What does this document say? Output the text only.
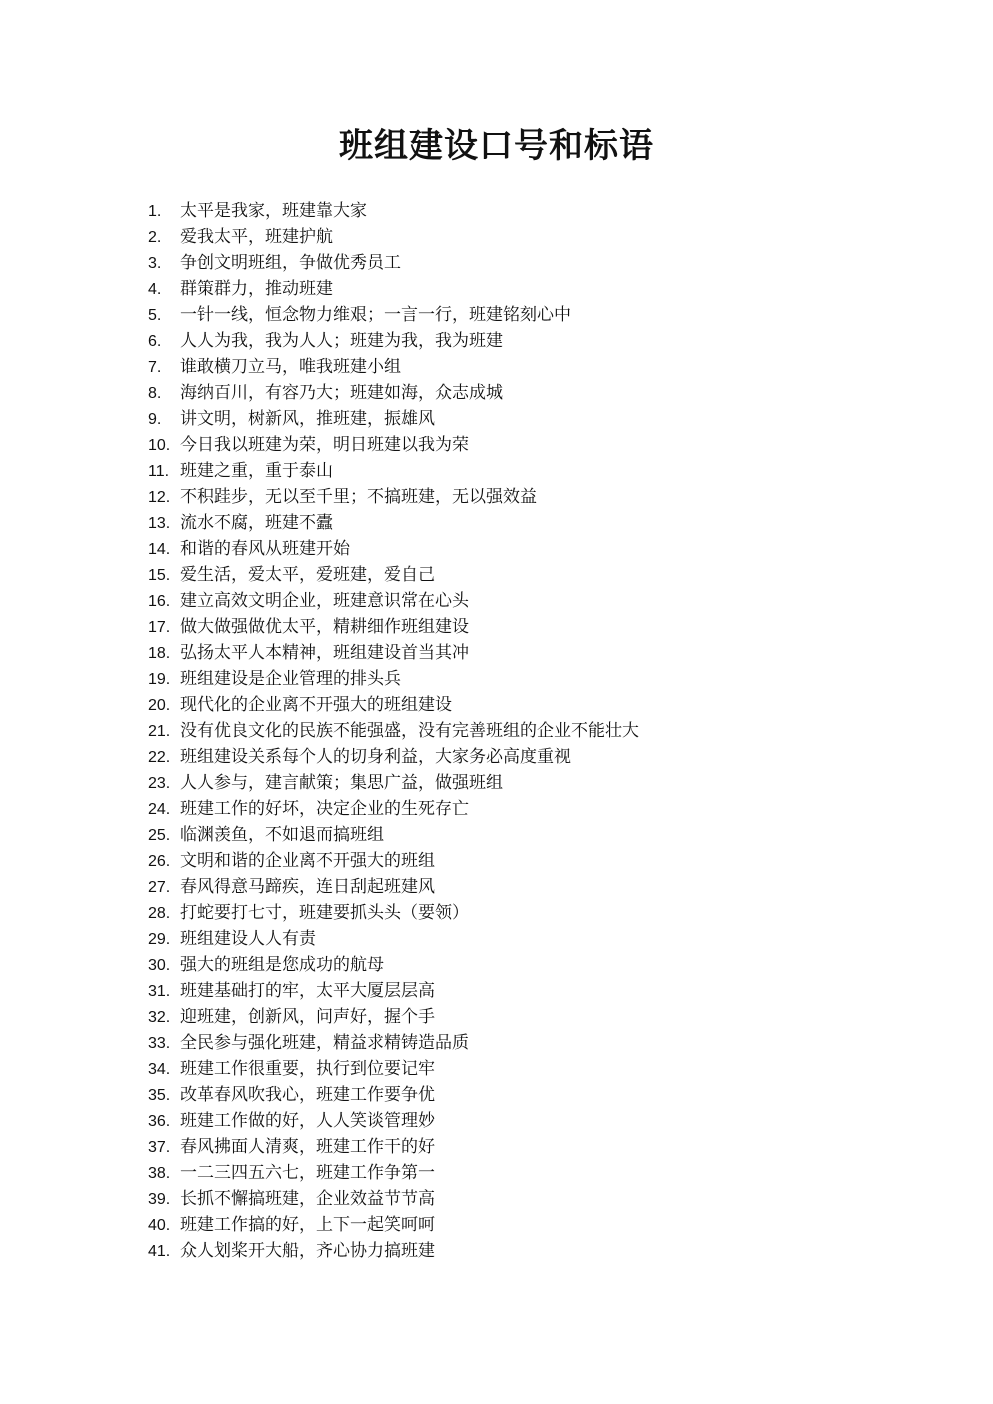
班组建设口号和标语
1.	太平是我家，班建靠大家
2.	爱我太平，班建护航
3.	争创文明班组，争做优秀员工
4.	群策群力，推动班建
5.	一针一线，恒念物力维艰；一言一行，班建铭刻心中
6.	人人为我，我为人人；班建为我，我为班建
7.	谁敢横刀立马，唯我班建小组
8.	海纳百川，有容乃大；班建如海，众志成城
9.	讲文明，树新风，推班建，振雄风
10. 今日我以班建为荣，明日班建以我为荣
11. 班建之重，重于泰山
12. 不积跬步，无以至千里；不搞班建，无以强效益
13. 流水不腐，班建不蠹
14. 和谐的春风从班建开始
15. 爱生活，爱太平，爱班建，爱自己
16. 建立高效文明企业，班建意识常在心头
17. 做大做强做优太平，精耕细作班组建设
18. 弘扬太平人本精神，班组建设首当其冲
19. 班组建设是企业管理的排头兵
20. 现代化的企业离不开强大的班组建设
21. 没有优良文化的民族不能强盛，没有完善班组的企业不能壮大
22. 班组建设关系每个人的切身利益，大家务必高度重视
23. 人人参与，建言献策；集思广益，做强班组
24. 班建工作的好坏，决定企业的生死存亡
25. 临渊羡鱼，不如退而搞班组
26. 文明和谐的企业离不开强大的班组
27. 春风得意马蹄疾，连日刮起班建风
28. 打蛇要打七寸，班建要抓头头（要领）
29. 班组建设人人有责
30. 强大的班组是您成功的航母
31. 班建基础打的牢，太平大厦层层高
32. 迎班建，创新风，问声好，握个手
33. 全民参与强化班建，精益求精铸造品质
34. 班建工作很重要，执行到位要记牢
35. 改革春风吹我心，班建工作要争优
36. 班建工作做的好，人人笑谈管理妙
37. 春风拂面人清爽，班建工作干的好
38. 一二三四五六七，班建工作争第一
39. 长抓不懈搞班建，企业效益节节高
40. 班建工作搞的好，上下一起笑呵呵
41. 众人划桨开大船，齐心协力搞班建
